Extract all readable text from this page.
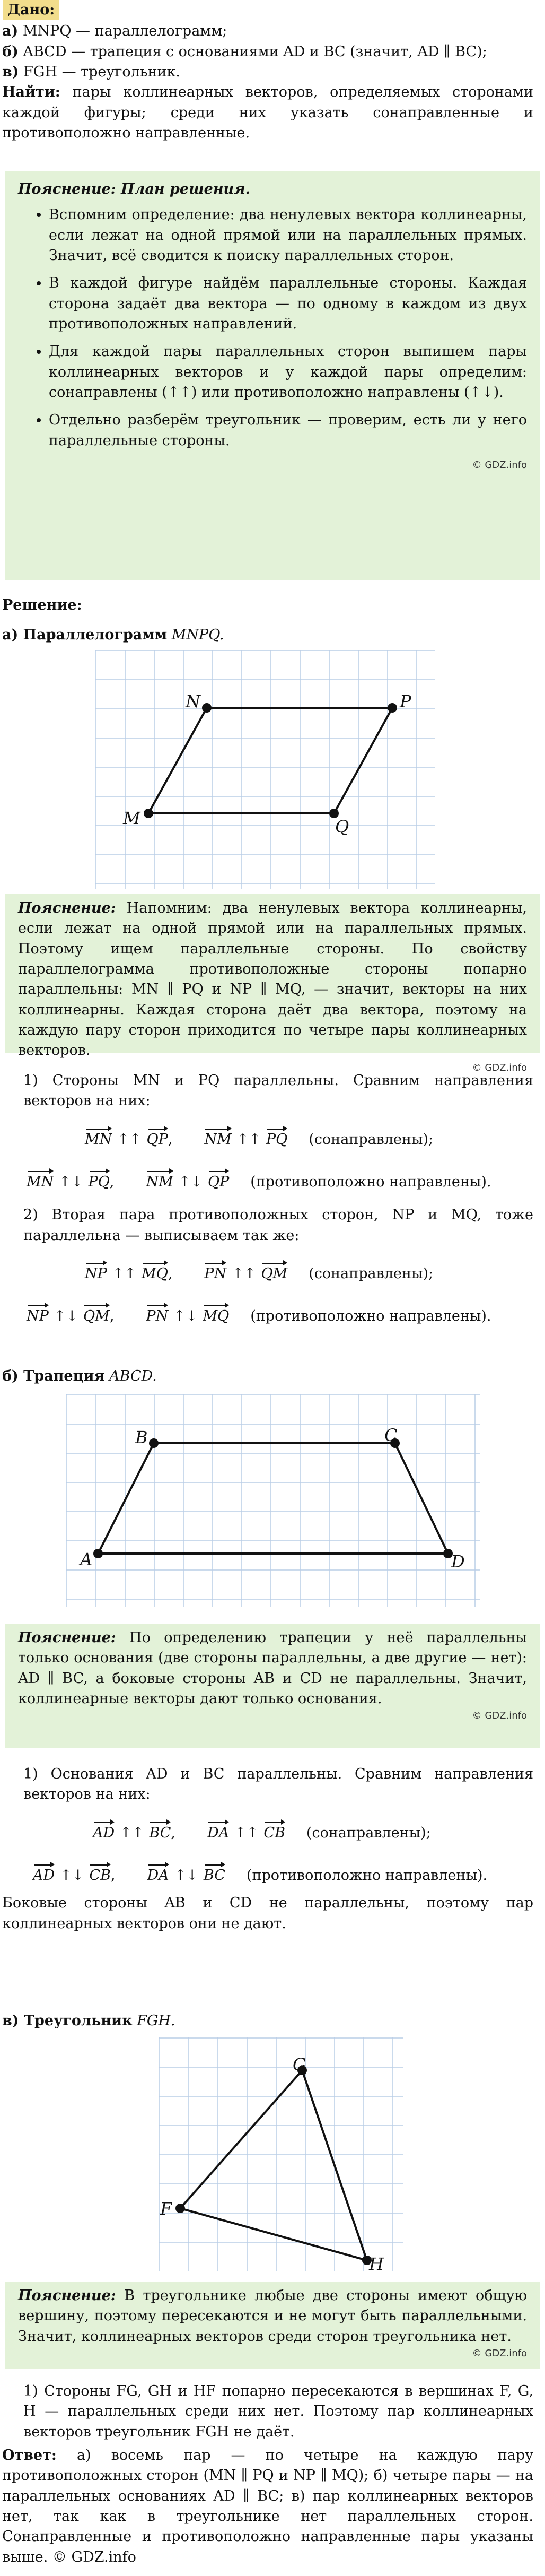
Дано:

а) MNPQ — параллелограмм;

б) ABCD — трапеция с основаниями AD и BC (значит, AD ∥ BC);

в) FGH — треугольник.

Найти: пары коллинеарных векторов, определяемых сторонами каждой фигуры; среди них указать сонаправленные и противоположно направленные.

Пояснение: План решения.
• Вспомним определение: два ненулевых вектора коллинеарны, если лежат на одной прямой или на параллельных прямых. Значит, всё сводится к поиску параллельных сторон.
• В каждой фигуре найдём параллельные стороны. Каждая сторона задаёт два вектора — по одному в каждом из двух противоположных направлений.
• Для каждой пары параллельных сторон выпишем пары коллинеарных векторов и у каждой пары определим: сонаправлены (↑↑) или противоположно направлены (↑↓).
• Отдельно разберём треугольник — проверим, есть ли у него параллельные стороны.
© GDZ.info

Решение:

а) Параллелограмм MNPQ.

M
N	P
Q
Пояснение: Напомним: два ненулевых вектора коллинеарны, если лежат на одной прямой или на параллельных прямых. Поэтому ищем параллельные стороны. По свойству параллелограмма противоположные стороны попарно параллельны: MN ∥ PQ и NP ∥ MQ, — значит, векторы на них коллинеарны. Каждая сторона даёт два вектора, поэтому на каждую пару сторон приходится по четыре пары коллинеарных векторов.
© GDZ.info

1) Стороны MN и PQ параллельны. Сравним направления векторов на них:

MN ↑↑ QP , NM ↑↑ PQ (сонаправлены);
MN ↑↓ PQ , NM ↑↓ QP (противоположно направлены).

2) Вторая пара противоположных сторон, NP и MQ, тоже параллельна — выписываем так же:

NP ↑↑ MQ , PN ↑↑ QM (сонаправлены);
NP ↑↓ QM , PN ↑↓ MQ (противоположно направлены).

б) Трапеция ABCD.

A
B	C
D
Пояснение: По определению трапеции у неё параллельны только основания (две стороны параллельны, а две другие — нет): AD ∥ BC, а боковые стороны AB и CD не параллельны. Значит, коллинеарные векторы дают только основания.
© GDZ.info

1) Основания AD и BC параллельны. Сравним направления векторов на них:

AD ↑↑ BC , DA ↑↑ CB (сонаправлены);
AD ↑↓ CB , DA ↑↓ BC (противоположно направлены).

Боковые стороны AB и CD не параллельны, поэтому пар коллинеарных векторов они не дают.

в) Треугольник FGH.

F
G
H
Пояснение: В треугольнике любые две стороны имеют общую вершину, поэтому пересекаются и не могут быть параллельными. Значит, коллинеарных векторов среди сторон треугольника нет.
© GDZ.info

1) Стороны FG, GH и HF попарно пересекаются в вершинах F, G, H — параллельных среди них нет. Поэтому пар коллинеарных векторов треугольник FGH не даёт.

Ответ: а) восемь пар — по четыре на каждую пару противоположных сторон (MN ∥ PQ и NP ∥ MQ); б) четыре пары — на параллельных основаниях AD ∥ BC; в) пар коллинеарных векторов нет, так как в треугольнике нет параллельных сторон. Сонаправленные и противоположно направленные пары указаны выше. © GDZ.info
